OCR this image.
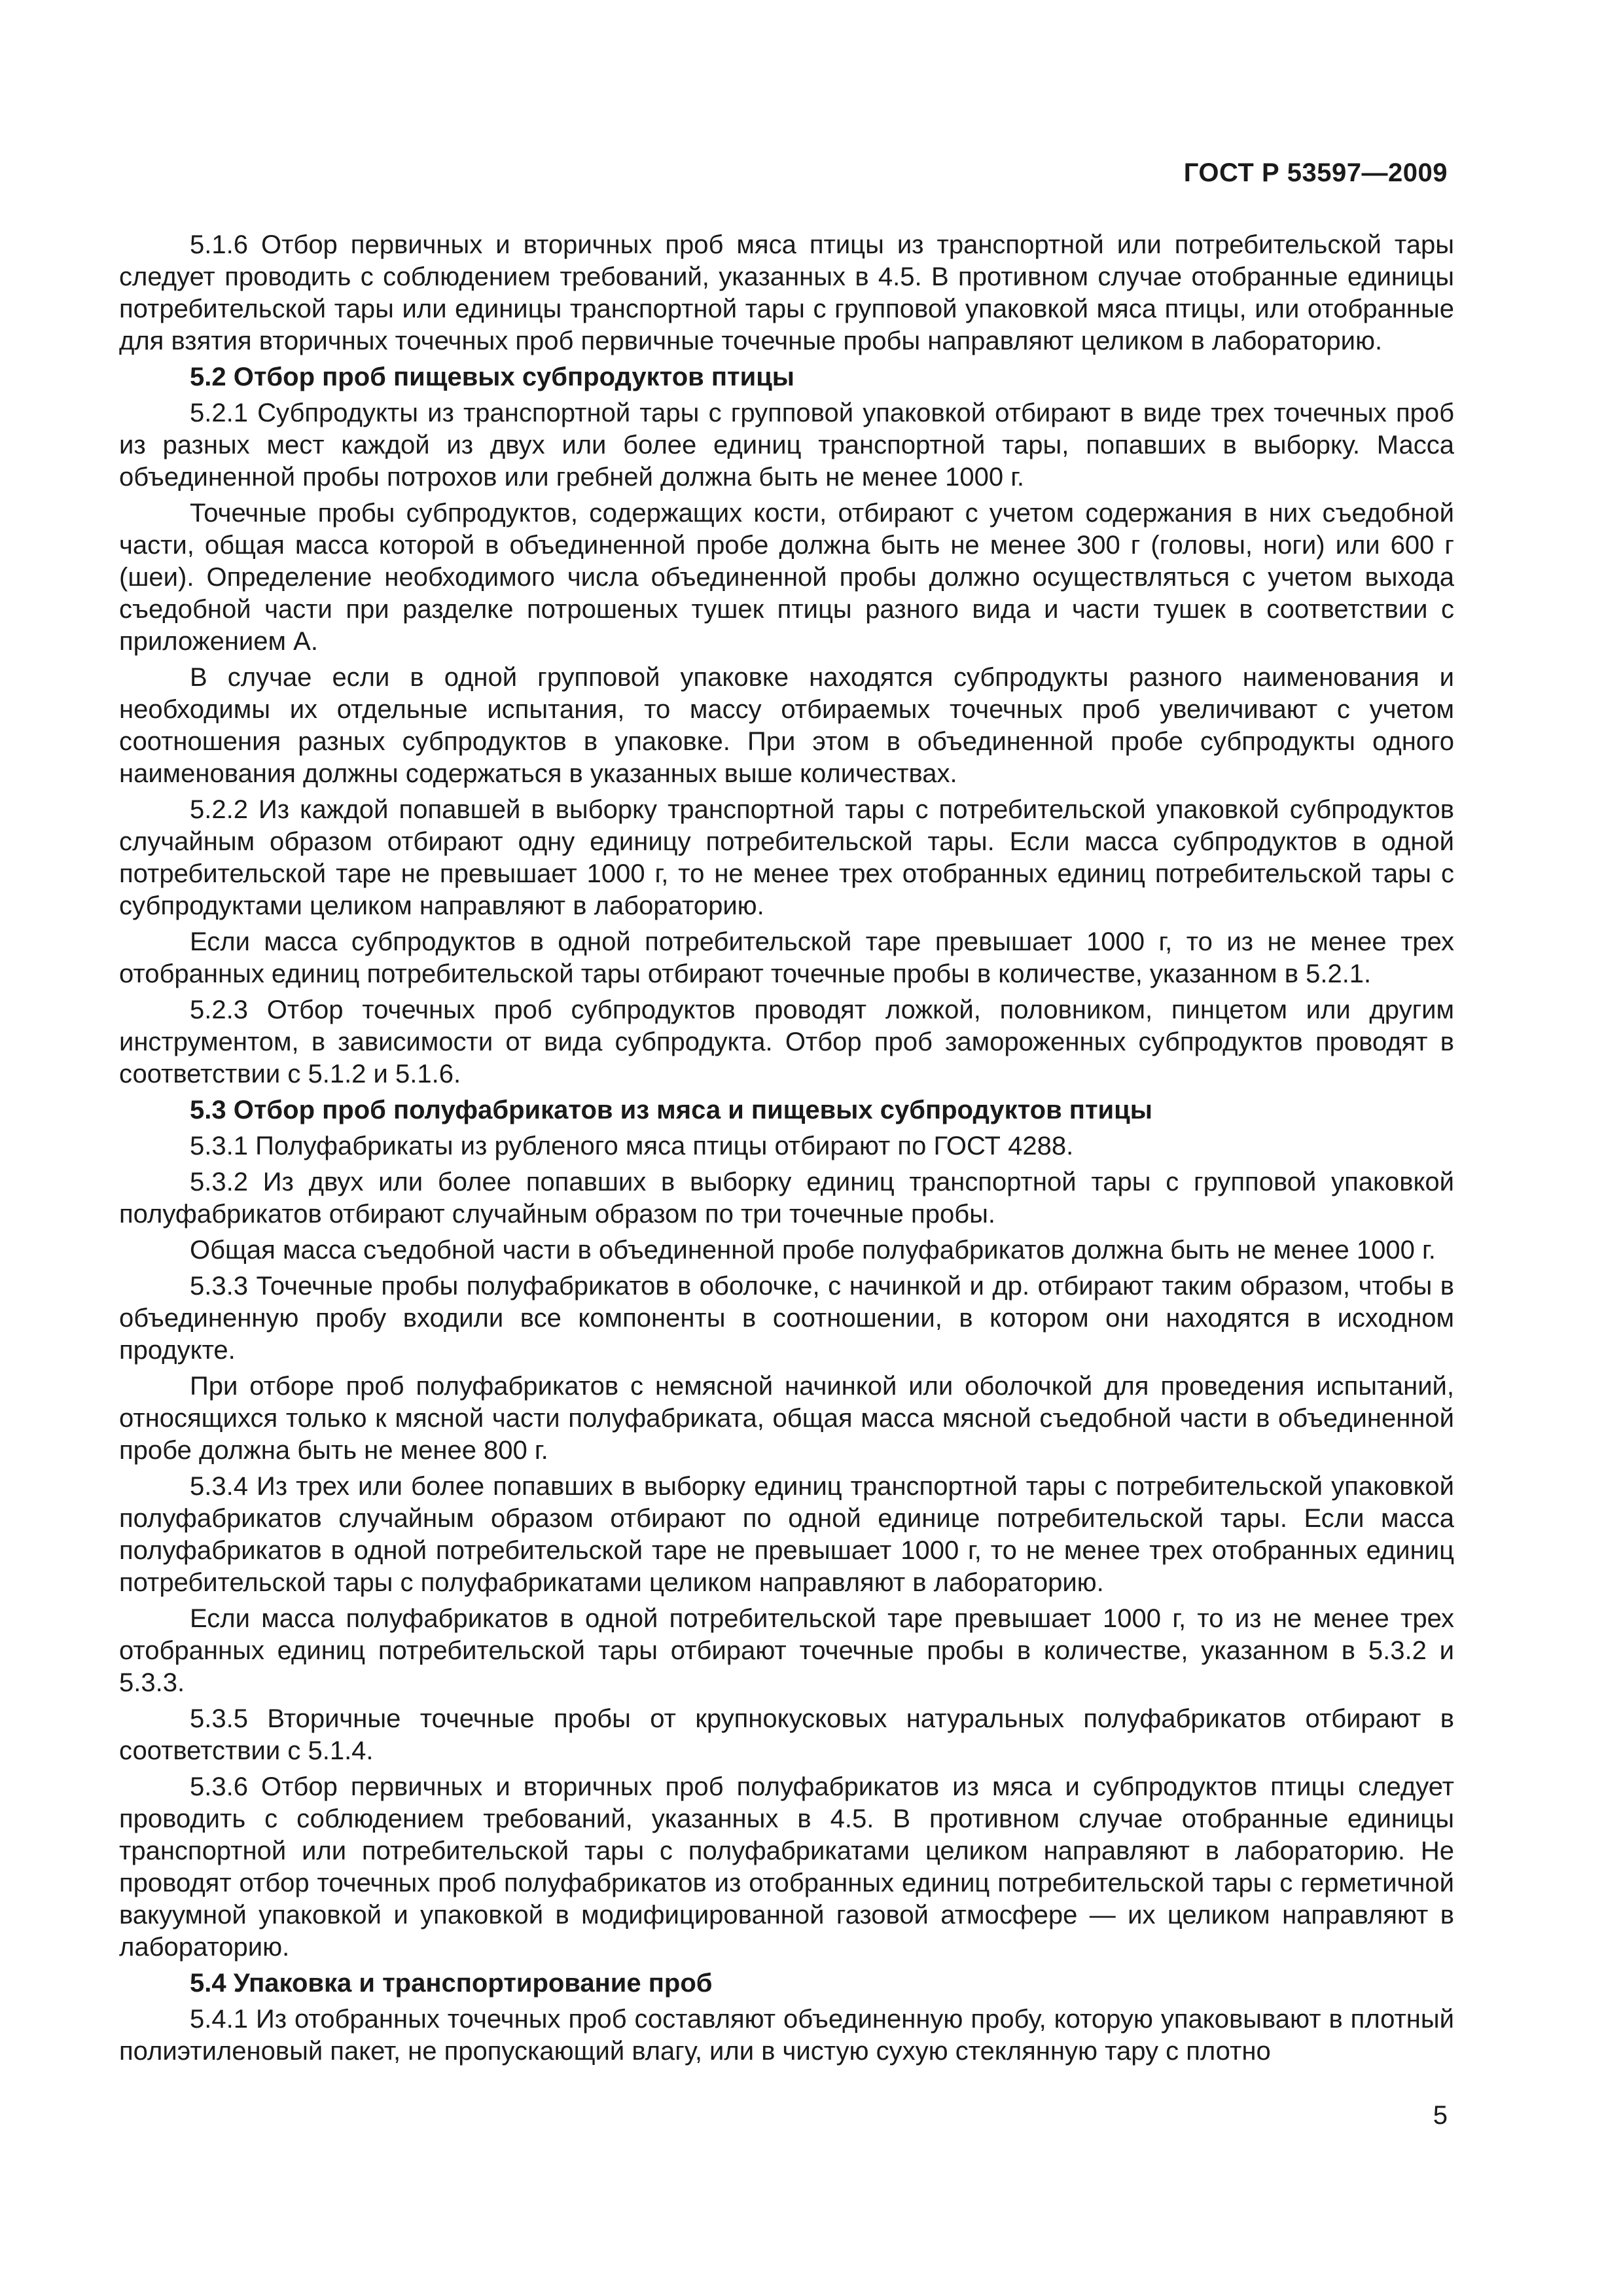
ГОСТ Р 53597—2009

5.1.6 Отбор первичных и вторичных проб мяса птицы из транспортной или потребительской тары следует проводить с соблюдением требований, указанных в 4.5. В противном случае отобранные единицы потребительской тары или единицы транспортной тары с групповой упаковкой мяса птицы, или отобранные для взятия вторичных точечных проб первичные точечные пробы направляют целиком в лабораторию.

5.2 Отбор проб пищевых субпродуктов птицы

5.2.1 Субпродукты из транспортной тары с групповой упаковкой отбирают в виде трех точечных проб из разных мест каждой из двух или более единиц транспортной тары, попавших в выборку. Масса объединенной пробы потрохов или гребней должна быть не менее 1000 г.

Точечные пробы субпродуктов, содержащих кости, отбирают с учетом содержания в них съедобной части, общая масса которой в объединенной пробе должна быть не менее 300 г (головы, ноги) или 600 г (шеи). Определение необходимого числа объединенной пробы должно осуществляться с учетом выхода съедобной части при разделке потрошеных тушек птицы разного вида и части тушек в соответствии с приложением А.

В случае если в одной групповой упаковке находятся субпродукты разного наименования и необходимы их отдельные испытания, то массу отбираемых точечных проб увеличивают с учетом соотношения разных субпродуктов в упаковке. При этом в объединенной пробе субпродукты одного наименования должны содержаться в указанных выше количествах.

5.2.2 Из каждой попавшей в выборку транспортной тары с потребительской упаковкой субпродуктов случайным образом отбирают одну единицу потребительской тары. Если масса субпродуктов в одной потребительской таре не превышает 1000 г, то не менее трех отобранных единиц потребительской тары с субпродуктами целиком направляют в лабораторию.

Если масса субпродуктов в одной потребительской таре превышает 1000 г, то из не менее трех отобранных единиц потребительской тары отбирают точечные пробы в количестве, указанном в 5.2.1.

5.2.3 Отбор точечных проб субпродуктов проводят ложкой, половником, пинцетом или другим инструментом, в зависимости от вида субпродукта. Отбор проб замороженных субпродуктов проводят в соответствии с 5.1.2 и 5.1.6.

5.3 Отбор проб полуфабрикатов из мяса и пищевых субпродуктов птицы

5.3.1 Полуфабрикаты из рубленого мяса птицы отбирают по ГОСТ 4288.

5.3.2 Из двух или более попавших в выборку единиц транспортной тары с групповой упаковкой полуфабрикатов отбирают случайным образом по три точечные пробы.

Общая масса съедобной части в объединенной пробе полуфабрикатов должна быть не менее 1000 г.

5.3.3 Точечные пробы полуфабрикатов в оболочке, с начинкой и др. отбирают таким образом, чтобы в объединенную пробу входили все компоненты в соотношении, в котором они находятся в исходном продукте.

При отборе проб полуфабрикатов с немясной начинкой или оболочкой для проведения испытаний, относящихся только к мясной части полуфабриката, общая масса мясной съедобной части в объединенной пробе должна быть не менее 800 г.

5.3.4 Из трех или более попавших в выборку единиц транспортной тары с потребительской упаковкой полуфабрикатов случайным образом отбирают по одной единице потребительской тары. Если масса полуфабрикатов в одной потребительской таре не превышает 1000 г, то не менее трех отобранных единиц потребительской тары с полуфабрикатами целиком направляют в лабораторию.

Если масса полуфабрикатов в одной потребительской таре превышает 1000 г, то из не менее трех отобранных единиц потребительской тары отбирают точечные пробы в количестве, указанном в 5.3.2 и 5.3.3.

5.3.5 Вторичные точечные пробы от крупнокусковых натуральных полуфабрикатов отбирают в соответствии с 5.1.4.

5.3.6 Отбор первичных и вторичных проб полуфабрикатов из мяса и субпродуктов птицы следует проводить с соблюдением требований, указанных в 4.5. В противном случае отобранные единицы транспортной или потребительской тары с полуфабрикатами целиком направляют в лабораторию. Не проводят отбор точечных проб полуфабрикатов из отобранных единиц потребительской тары с герметичной вакуумной упаковкой и упаковкой в модифицированной газовой атмосфере — их целиком направляют в лабораторию.

5.4 Упаковка и транспортирование проб

5.4.1 Из отобранных точечных проб составляют объединенную пробу, которую упаковывают в плотный полиэтиленовый пакет, не пропускающий влагу, или в чистую сухую стеклянную тару с плотно

5
